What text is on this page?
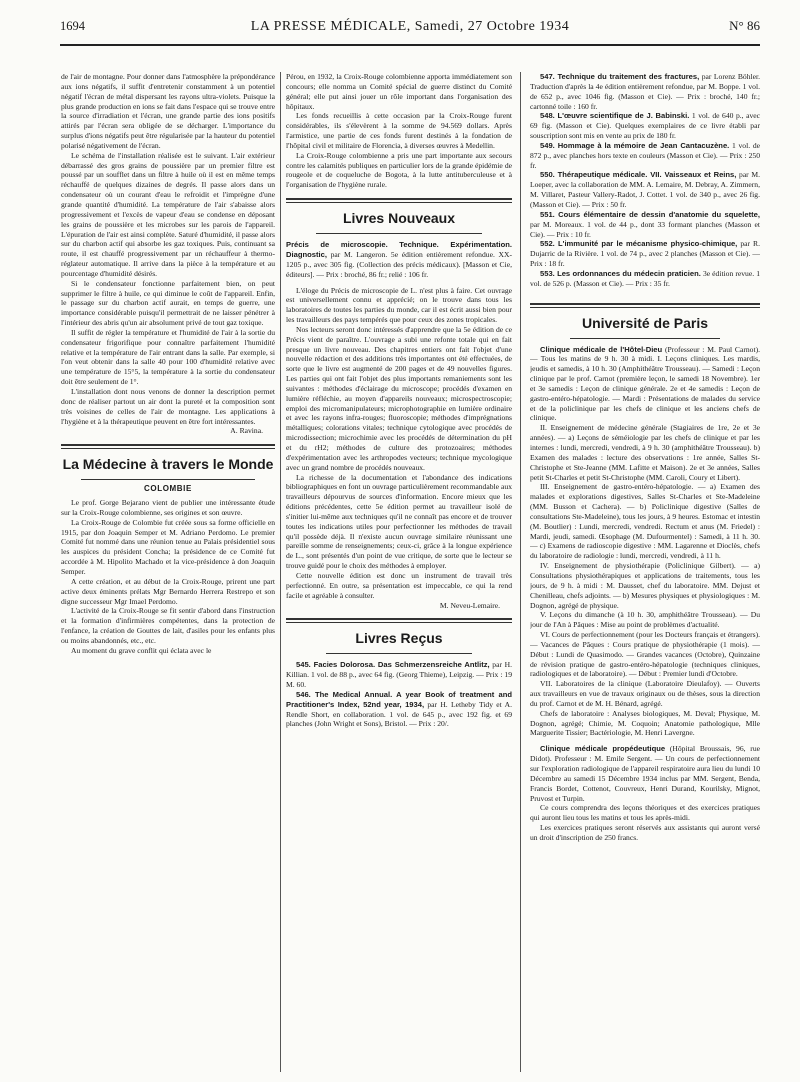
1694	LA PRESSE MÉDICALE, Samedi, 27 Octobre 1934	N° 86

de l'air de montagne. Pour donner dans l'atmosphère la prépondérance aux ions négatifs, il suffit d'entretenir constamment à un potentiel négatif l'écran de métal dispersant les rayons ultra-violets. Puisque la plus grande production en ions se fait dans l'espace qui se trouve entre la source d'irradiation et l'écran, une grande partie des ions positifs attirés par l'écran sera obligée de se décharger. L'importance du surplus d'ions négatifs peut être régularisée par la hauteur du potentiel polarisé négativement de l'écran.

Le schéma de l'installation réalisée est le suivant. L'air extérieur débarrassé des gros grains de poussière par un premier filtre est poussé par un soufflet dans un filtre à huile où il est en même temps réchauffé de quelques dizaines de degrés. Il passe alors dans un condensateur où un courant d'eau le refroidit et l'imprègne d'une grande quantité d'humidité. La température de l'air s'abaisse alors progressivement et l'excès de vapeur d'eau se condense en déposant les grains de poussière et les microbes sur les parois de l'appareil. L'épuration de l'air est ainsi complète. Saturé d'humidité, il passe alors sur du charbon actif qui absorbe les gaz toxiques. Puis, continuant sa route, il est chauffé progressivement par un réchauffeur à thermo-réglateur automatique. Il arrive dans la pièce à la température et au pourcentage d'humidité désirés.

Si le condensateur fonctionne parfaitement bien, on peut supprimer le filtre à huile, ce qui diminue le coût de l'appareil. Enfin, le passage sur du charbon actif aurait, en temps de guerre, une importance considérable puisqu'il permettrait de ne laisser pénétrer à l'intérieur des abris qu'un air absolument privé de tout gaz toxique.

Il suffit de régler la température et l'humidité de l'air à la sortie du condensateur frigorifique pour connaître parfaitement l'humidité relative et la température de l'air entrant dans la salle. Par exemple, si l'on veut obtenir dans la salle 40 pour 100 d'humidité relative avec une température de 15°5, la température à la sortie du condensateur doit être seulement de 1°.

L'installation dont nous venons de donner la description permet donc de réaliser partout un air dont la pureté et la composition sont très voisines de celles de l'air de montagne. Les applications à l'hygiène et à la thérapeutique peuvent en être fort intéressantes.

A. Ravina.

La Médecine à travers le Monde
COLOMBIE

Le prof. Gorge Bejarano vient de publier une intéressante étude sur la Croix-Rouge colombienne, ses origines et son œuvre.

La Croix-Rouge de Colombie fut créée sous sa forme officielle en 1915, par don Joaquin Semper et M. Adriano Perdomo. Le premier Comité fut nommé dans une réunion tenue au Palais présidentiel sous les auspices du président Concha; la présidence de ce Comité fut accordée à M. Hipolito Machado et la vice-présidence à don Joaquin Semper.

A cette création, et au début de la Croix-Rouge, prirent une part active deux éminents prélats Mgr Bernardo Herrera Restrepo et son digne successeur Mgr Imael Perdomo.

L'activité de la Croix-Rouge se fit sentir d'abord dans l'instruction et la formation d'infirmières compétentes, dans la protection de l'enfance, la création de Gouttes de lait, d'asiles pour les enfants plus ou moins abandonnés, etc., etc.

Au moment du grave conflit qui éclata avec le

Pérou, en 1932, la Croix-Rouge colombienne apporta immédiatement son concours; elle nomma un Comité spécial de guerre distinct du Comité général; elle put ainsi jouer un rôle important dans l'organisation des hôpitaux.

Les fonds recueillis à cette occasion par la Croix-Rouge furent considérables, ils s'élevèrent à la somme de 94.569 dollars. Après l'armistice, une partie de ces fonds furent destinés à la fondation de l'hôpital civil et militaire de Florencia, à diverses œuvres à Medellin.

La Croix-Rouge colombienne a pris une part importante aux secours contre les calamités publiques en particulier lors de la grande épidémie de rougeole et de coqueluche de Bogota, à la lutte antituberculeuse et à l'organisation de l'hygiène rurale.

Livres Nouveaux

Précis de microscopie. Technique. Expérimentation. Diagnostic, par M. Langeron. 5e édition entièrement refondue. XX-1205 p., avec 305 fig. (Collection des précis médicaux). [Masson et Cie, éditeurs]. — Prix : broché, 86 fr.; relié : 106 fr.

L'éloge du Précis de microscopie de L. n'est plus à faire. Cet ouvrage est universellement connu et apprécié; on le trouve dans tous les laboratoires de toutes les parties du monde, car il est écrit aussi bien pour les travailleurs des pays tempérés que pour ceux des zones tropicales.

Nos lecteurs seront donc intéressés d'apprendre que la 5e édition de ce Précis vient de paraître. L'ouvrage a subi une refonte totale qui en fait presque un livre nouveau. Des chapitres entiers ont fait l'objet d'une nouvelle rédaction et des additions très importantes ont été effectuées, de sorte que le livre est augmenté de 200 pages et de 49 nouvelles figures. Les parties qui ont fait l'objet des plus importants remaniements sont les suivantes : méthodes d'éclairage du microscope; procédés d'examen en lumière réfléchie, au moyen d'appareils nouveaux; microspectroscopie; emploi des micromanipulateurs; microphotographie en lumière ordinaire et avec les rayons infra-rouges; fluoroscopie; méthodes d'imprégnations métalliques; colorations vitales; technique cytologique avec procédés de microdissection; microchimie avec les procédés de détermination du pH et du rH2; méthodes de culture des protozoaires; méthodes d'expérimentation avec les arthropodes vecteurs; technique mycologique avec un grand nombre de procédés nouveaux.

La richesse de la documentation et l'abondance des indications bibliographiques en font un ouvrage particulièrement recommandable aux travailleurs dépourvus de sources d'information. Encore mieux que les éditions précédentes, cette 5e édition permet au travailleur isolé de s'initier lui-même aux techniques qu'il ne connaît pas encore et de trouver toutes les indications utiles pour perfectionner les méthodes de travail qu'il possède déjà. Il n'existe aucun ouvrage similaire réunissant une pareille somme de renseignements; ceux-ci, grâce à la longue expérience de L., sont présentés d'un point de vue critique, de sorte que le lecteur se trouve guidé pour le choix des méthodes à employer.

Cette nouvelle édition est donc un instrument de travail très perfectionné. En outre, sa présentation est impeccable, ce qui la rend facile et agréable à consulter.

M. Neveu-Lemaire.

Livres Reçus

545. Facies Dolorosa. Das Schmerzensreiche Antlitz, par H. Killian. 1 vol. de 88 p., avec 64 fig. (Georg Thieme), Leipzig. — Prix : 19 M. 60.

546. The Medical Annual. A year Book of treatment and Practitioner's Index, 52nd year, 1934, par H. Letheby Tidy et A. Rendle Short, en collaboration. 1 vol. de 645 p., avec 192 fig. et 69 planches (John Wright et Sons), Bristol. — Prix : 20/.

547. Technique du traitement des fractures, par Lorenz Böhler. Traduction d'après la 4e édition entièrement refondue, par M. Boppe. 1 vol. de 652 p., avec 1046 fig. (Masson et Cie). — Prix : broché, 140 fr.; cartonné toile : 160 fr.

548. L'œuvre scientifique de J. Babinski. 1 vol. de 640 p., avec 69 fig. (Masson et Cie). Quelques exemplaires de ce livre établi par souscription sont mis en vente au prix de 180 fr.

549. Hommage à la mémoire de Jean Cantacuzène. 1 vol. de 872 p., avec planches hors texte en couleurs (Masson et Cie). — Prix : 250 fr.

550. Thérapeutique médicale. VII. Vaisseaux et Reins, par M. Loeper, avec la collaboration de MM. A. Lemaire, M. Debray, A. Zimmern, M. Villaret, Pasteur Vallery-Radot, J. Cottet. 1 vol. de 340 p., avec 26 fig. (Masson et Cie). — Prix : 50 fr.

551. Cours élémentaire de dessin d'anatomie du squelette, par M. Moreaux. 1 vol. de 44 p., dont 33 formant planches (Masson et Cie). — Prix : 10 fr.

552. L'immunité par le mécanisme physico-chimique, par R. Dujarric de la Rivière. 1 vol. de 74 p., avec 2 planches (Masson et Cie). — Prix : 18 fr.

553. Les ordonnances du médecin praticien. 3e édition revue. 1 vol. de 526 p. (Masson et Cie). — Prix : 35 fr.

Université de Paris

Clinique médicale de l'Hôtel-Dieu (Professeur : M. Paul Carnot). — Tous les matins de 9 h. 30 à midi. I. Leçons cliniques. Les mardis, jeudis et samedis, à 10 h. 30 (Amphithéâtre Trousseau). — Samedi : Leçon clinique par le prof. Carnot (première leçon, le samedi 18 Novembre). 1er et 3e samedis : Leçon de clinique générale. 2e et 4e samedis : Leçon de gastro-entéro-hépatologie. — Mardi : Présentations de malades du service et de la policlinique par les chefs de clinique et les anciens chefs de clinique.

II. Enseignement de médecine générale (Stagiaires de 1re, 2e et 3e années). — a) Leçons de séméiologie par les chefs de clinique et par les internes : lundi, mercredi, vendredi, à 9 h. 30 (amphithéâtre Trousseau). b) Examen des malades : lecture des observations : 1re année, Salles St-Christophe et Ste-Jeanne (MM. Lafitte et Maison). 2e et 3e années, Salles petit St-Charles et petit St-Christophe (MM. Caroli, Coury et Libert).

III. Enseignement de gastro-entéro-hépatologie. — a) Examen des malades et explorations digestives, Salles St-Charles et Ste-Madeleine (MM. Busson et Cachera). — b) Policlinique digestive (Salles de consultations Ste-Madeleine), tous les jours, à 9 heures. Estomac et intestin (M. Boutlier) : Lundi, mercredi, vendredi. Rectum et anus (M. Friedel) : Mardi, jeudi, samedi. Œsophage (M. Dufourmentel) : Samedi, à 11 h. 30. — c) Examens de radioscopie digestive : MM. Lagarenne et Dioclès, chefs du laboratoire de radiologie : lundi, mercredi, vendredi, à 11 h.

IV. Enseignement de physiothérapie (Policlinique Gilbert). — a) Consultations physiothérapiques et applications de traitements, tous les jours, de 9 h. à midi : M. Dausset, chef du laboratoire. MM. Dejust et Chenilleau, chefs adjoints. — b) Mesures physiques et physiologiques : M. Dognon, agrégé de physique.

V. Leçons du dimanche (à 10 h. 30, amphithéâtre Trousseau). — Du jour de l'An à Pâques : Mise au point de problèmes d'actualité.

VI. Cours de perfectionnement (pour les Docteurs français et étrangers). — Vacances de Pâques : Cours pratique de physiothérapie (1 mois). — Début : Lundi de Quasimodo. — Grandes vacances (Octobre), Quinzaine de révision pratique de gastro-entéro-hépatologie (techniques cliniques, radiologiques et de laboratoire). — Début : Premier lundi d'Octobre.

VII. Laboratoires de la clinique (Laboratoire Dieulafoy). — Ouverts aux travailleurs en vue de travaux originaux ou de thèses, sous la direction du prof. Carnot et de M. H. Bénard, agrégé.

Chefs de laboratoire : Analyses biologiques, M. Deval; Physique, M. Dognon, agrégé; Chimie, M. Coquoin; Anatomie pathologique, Mlle Marguerite Tissier; Bactériologie, M. Henri Lavergne.

Clinique médicale propédeutique (Hôpital Broussais, 96, rue Didot). Professeur : M. Emile Sergent. — Un cours de perfectionnement sur l'exploration radiologique de l'appareil respiratoire aura lieu du lundi 10 Décembre au samedi 15 Décembre 1934 inclus par MM. Sergent, Benda, Francis Bordet, Cottenot, Couvreux, Henri Durand, Kourilsky, Mignot, Pruvost et Turpin.

Ce cours comprendra des leçons théoriques et des exercices pratiques qui auront lieu tous les matins et tous les après-midi.

Les exercices pratiques seront réservés aux assistants qui auront versé un droit d'inscription de 250 francs.
